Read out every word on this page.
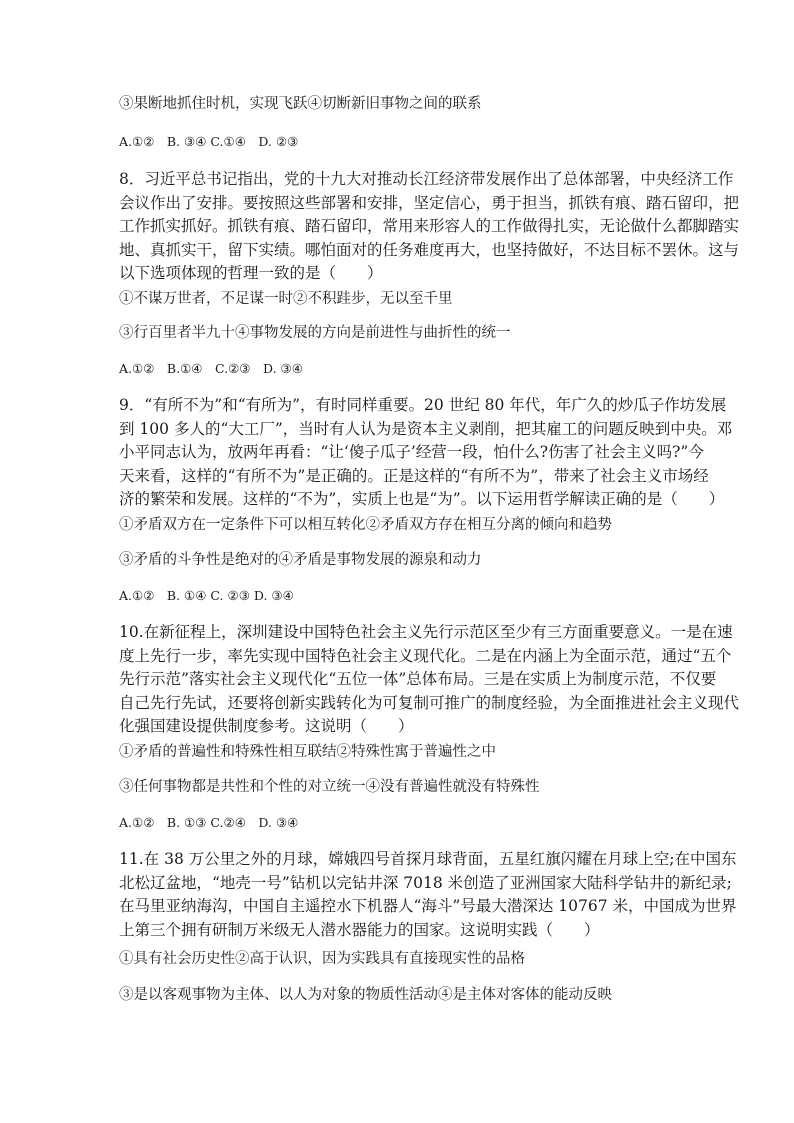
③果断地抓住时机，实现飞跃④切断新旧事物之间的联系
A.①②　B. ③④ C.①④　D. ②③
8．习近平总书记指出，党的十九大对推动长江经济带发展作出了总体部署，中央经济工作
会议作出了安排。要按照这些部署和安排，坚定信心，勇于担当，抓铁有痕、踏石留印，把
工作抓实抓好。抓铁有痕、踏石留印，常用来形容人的工作做得扎实，无论做什么都脚踏实
地、真抓实干，留下实绩。哪怕面对的任务难度再大，也坚持做好，不达目标不罢休。这与
以下选项体现的哲理一致的是（　　）
①不谋万世者，不足谋一时②不积跬步，无以至千里
③行百里者半九十④事物发展的方向是前进性与曲折性的统一
A.①②　B.①④　C.②③　D. ③④
9．“有所不为”和“有所为”，有时同样重要。20 世纪 80 年代，年广久的炒瓜子作坊发展
到 100 多人的“大工厂”，当时有人认为是资本主义剥削，把其雇工的问题反映到中央。邓
小平同志认为，放两年再看：“让‘傻子瓜子’经营一段，怕什么?伤害了社会主义吗?”今
天来看，这样的“有所不为”是正确的。正是这样的“有所不为”，带来了社会主义市场经
济的繁荣和发展。这样的“不为”，实质上也是“为”。以下运用哲学解读正确的是（　　）
①矛盾双方在一定条件下可以相互转化②矛盾双方存在相互分离的倾向和趋势
③矛盾的斗争性是绝对的④矛盾是事物发展的源泉和动力
A.①②　B. ①④ C. ②③ D. ③④
10.在新征程上，深圳建设中国特色社会主义先行示范区至少有三方面重要意义。一是在速
度上先行一步，率先实现中国特色社会主义现代化。二是在内涵上为全面示范，通过“五个
先行示范”落实社会主义现代化“五位一体”总体布局。三是在实质上为制度示范，不仅要
自己先行先试，还要将创新实践转化为可复制可推广的制度经验，为全面推进社会主义现代
化强国建设提供制度参考。这说明（　　）
①矛盾的普遍性和特殊性相互联结②特殊性寓于普遍性之中
③任何事物都是共性和个性的对立统一④没有普遍性就没有特殊性
A.①②　B. ①③ C.②④　D. ③④
11.在 38 万公里之外的月球，嫦娥四号首探月球背面，五星红旗闪耀在月球上空;在中国东
北松辽盆地，“地壳一号”钻机以完钻井深 7018 米创造了亚洲国家大陆科学钻井的新纪录;
在马里亚纳海沟，中国自主遥控水下机器人“海斗”号最大潜深达 10767 米，中国成为世界
上第三个拥有研制万米级无人潜水器能力的国家。这说明实践（　　）
①具有社会历史性②高于认识，因为实践具有直接现实性的品格
③是以客观事物为主体、以人为对象的物质性活动④是主体对客体的能动反映
